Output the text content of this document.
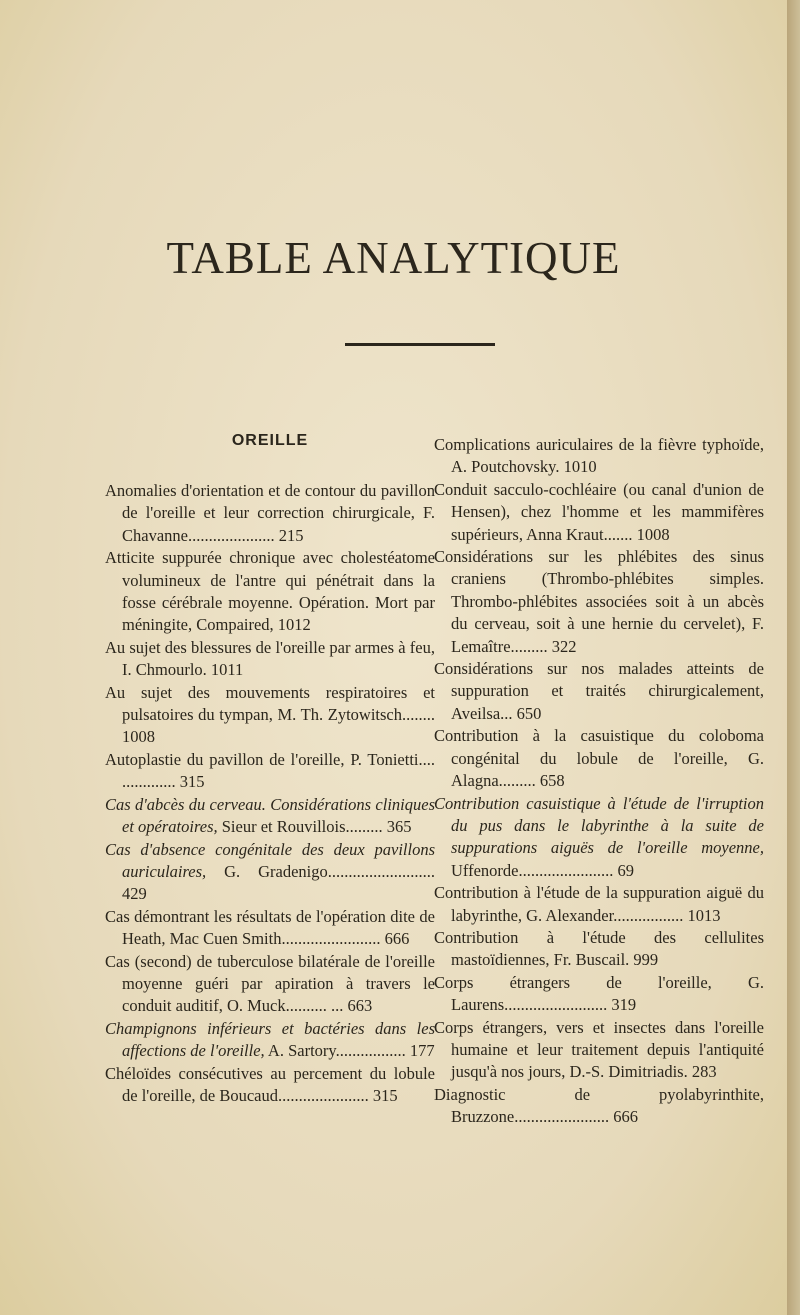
TABLE ANALYTIQUE
OREILLE
Anomalies d'orientation et de contour du pavillon de l'oreille et leur correction chirurgicale, F. Chavanne..................... 215
Atticite suppurée chronique avec cholestéatome volumineux de l'antre qui pénétrait dans la fosse cérébrale moyenne. Opération. Mort par méningite, Compaired, 1012
Au sujet des blessures de l'oreille par armes à feu, I. Chmourlo. 1011
Au sujet des mouvements respiratoires et pulsatoires du tympan, M. Th. Zytowitsch........ 1008
Autoplastie du pavillon de l'oreille, P. Tonietti.... ............. 315
Cas d'abcès du cerveau. Considérations cliniques et opératoires, Sieur et Rouvillois......... 365
Cas d'absence congénitale des deux pavillons auriculaires, G. Gradenigo.......................... 429
Cas démontrant les résultats de l'opération dite de Heath, Mac Cuen Smith........................ 666
Cas (second) de tuberculose bilatérale de l'oreille moyenne guéri par apiration à travers le conduit auditif, O. Muck.......... ... 663
Champignons inférieurs et bactéries dans les affections de l'oreille, A. Sartory................. 177
Chéloïdes consécutives au percement du lobule de l'oreille, de Boucaud...................... 315
Complications auriculaires de la fièvre typhoïde, A. Poutchovsky. 1010
Conduit sacculo-cochléaire (ou canal d'union de Hensen), chez l'homme et les mammifères supérieurs, Anna Kraut....... 1008
Considérations sur les phlébites des sinus craniens (Thrombo-phlébites simples. Thrombo-phlébites associées soit à un abcès du cerveau, soit à une hernie du cervelet), F. Lemaître......... 322
Considérations sur nos malades atteints de suppuration et traités chirurgicalement, Aveilsa... 650
Contribution à la casuistique du coloboma congénital du lobule de l'oreille, G. Alagna......... 658
Contribution casuistique à l'étude de l'irruption du pus dans le labyrinthe à la suite de suppurations aiguës de l'oreille moyenne, Uffenorde....................... 69
Contribution à l'étude de la suppuration aiguë du labyrinthe, G. Alexander................. 1013
Contribution à l'étude des cellulites mastoïdiennes, Fr. Buscail. 999
Corps étrangers de l'oreille, G. Laurens......................... 319
Corps étrangers, vers et insectes dans l'oreille humaine et leur traitement depuis l'antiquité jusqu'à nos jours, D.-S. Dimitriadis. 283
Diagnostic de pyolabyrinthite, Bruzzone....................... 666
